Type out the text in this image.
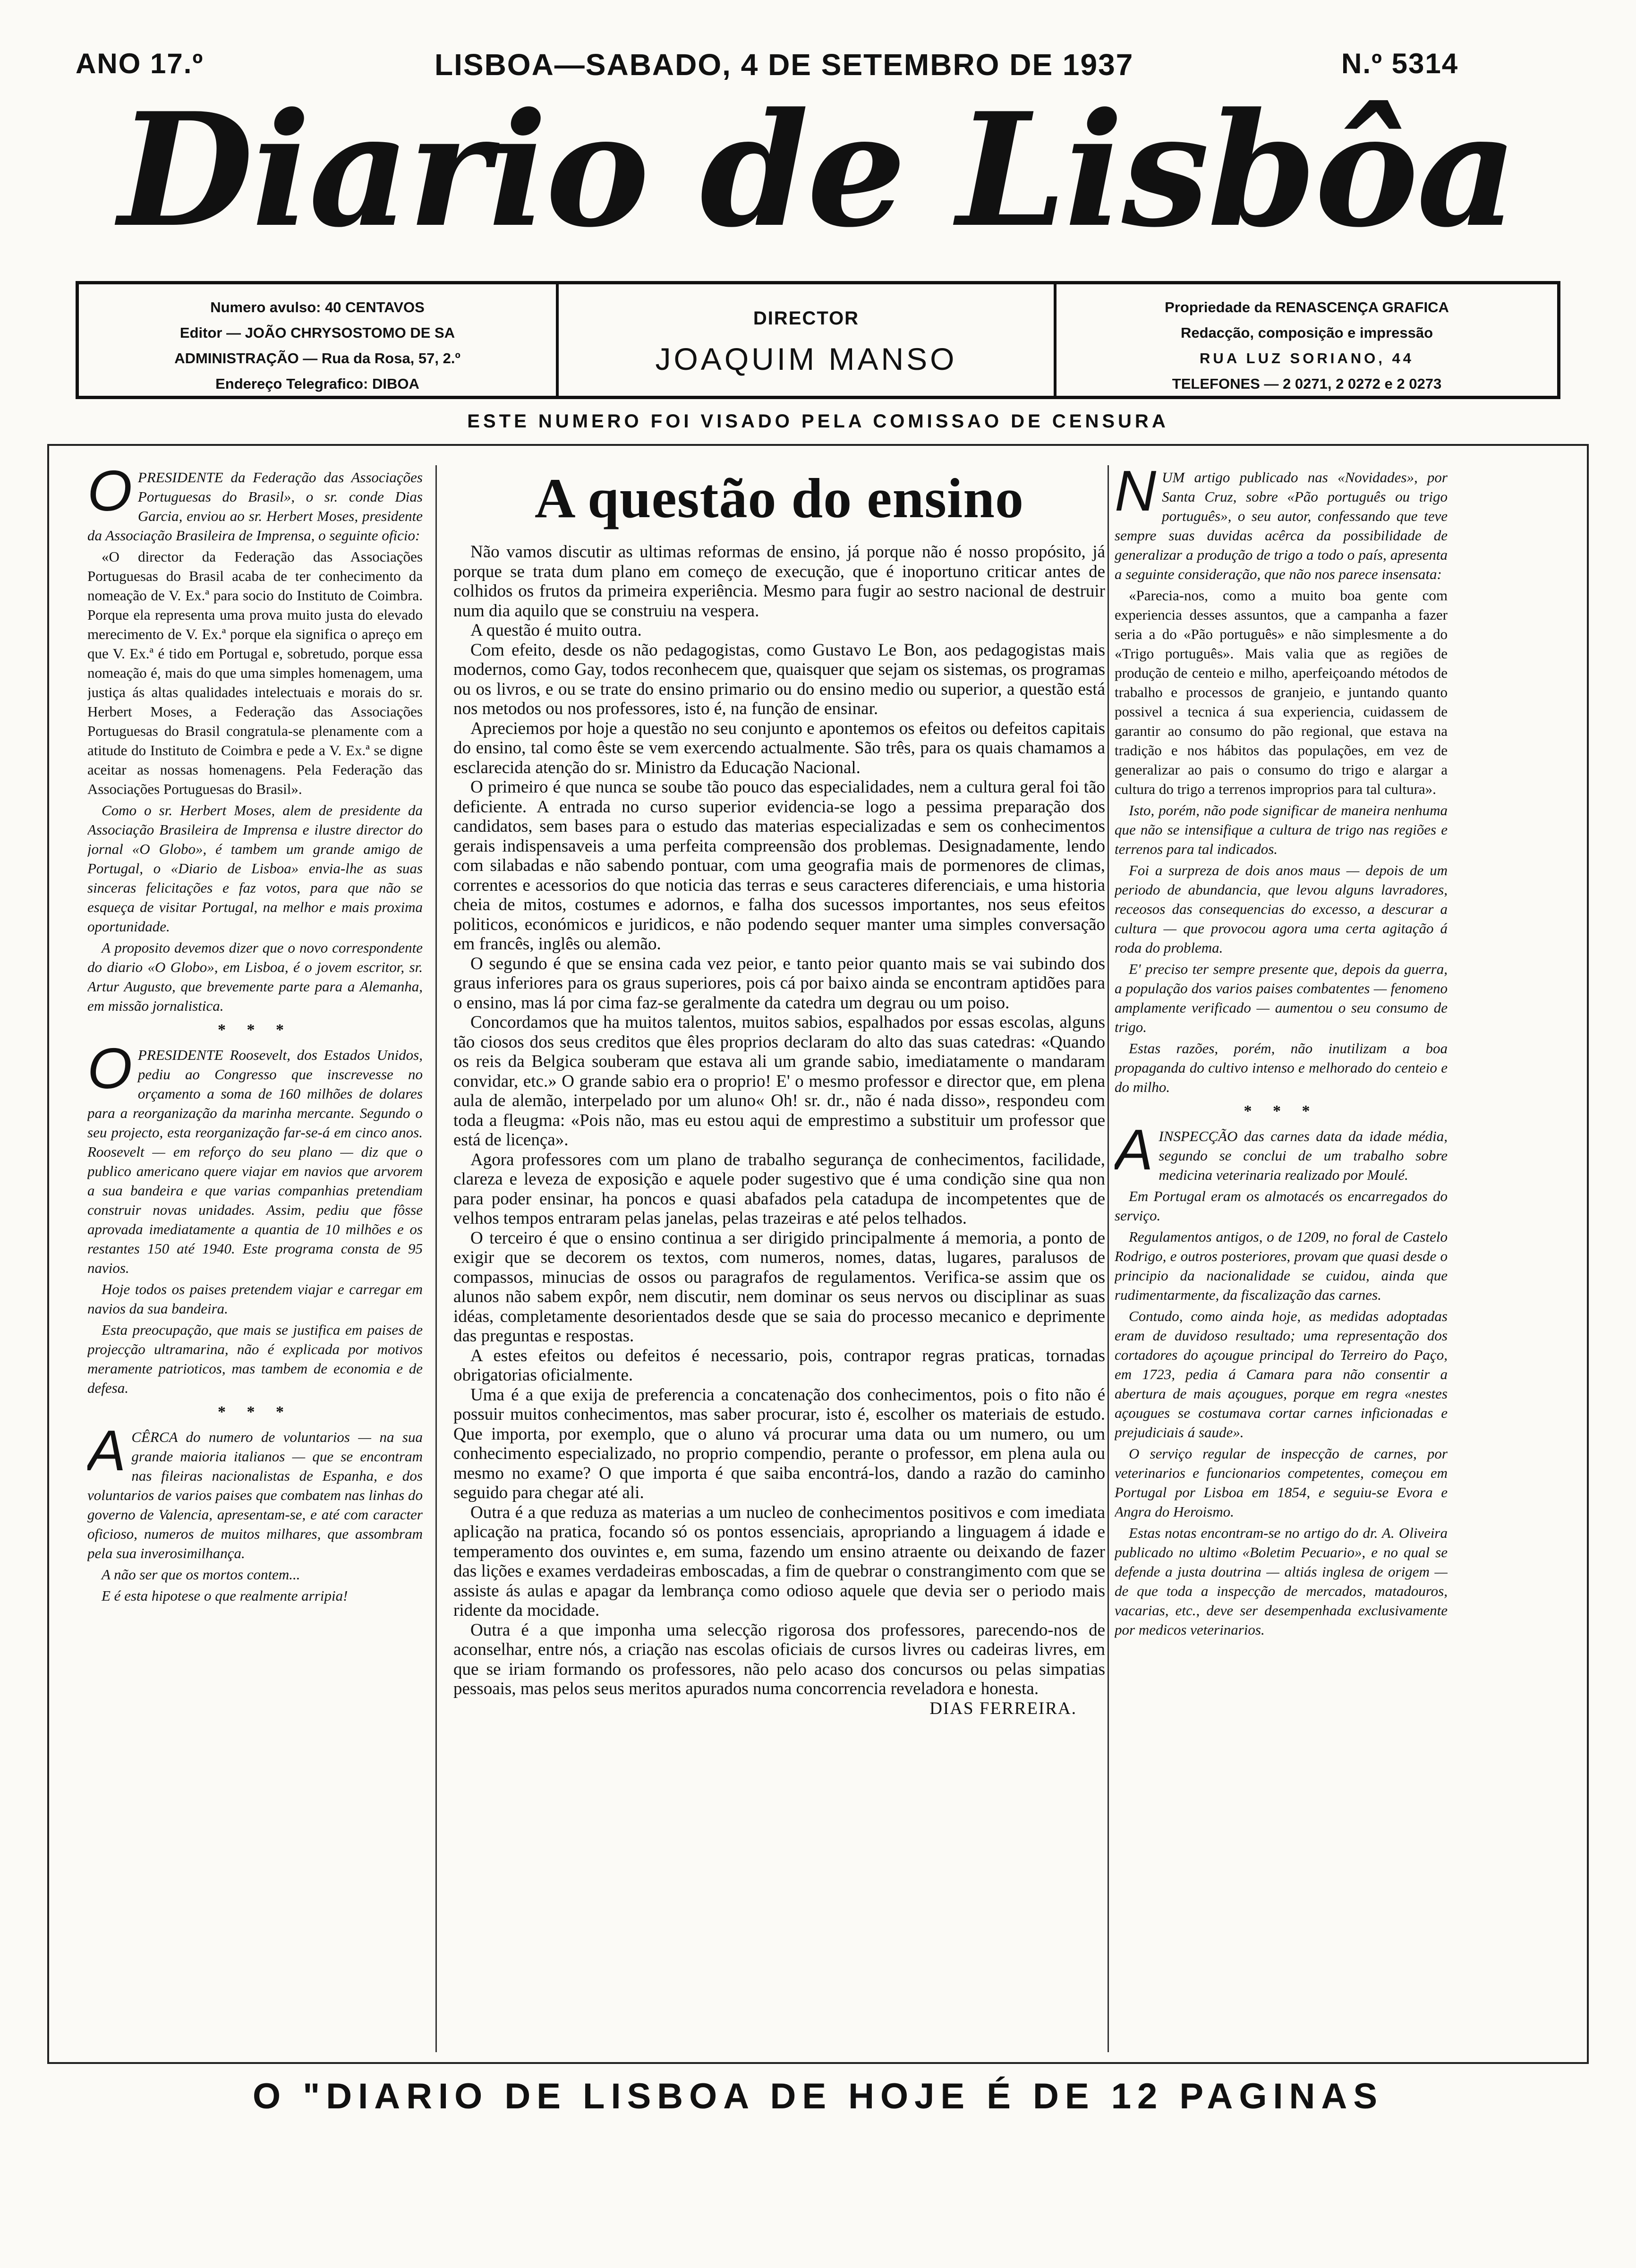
ANO 17.º	LISBOA—SABADO, 4 DE SETEMBRO DE 1937	N.º 5314
Diario de Lisbôa
Numero avulso: 40 CENTAVOS
Editor — JOÃO CHRYSOSTOMO DE SA
ADMINISTRAÇÃO — Rua da Rosa, 57, 2.º
Endereço Telegrafico: DIBOA
DIRECTOR
JOAQUIM MANSO
Propriedade da RENASCENÇA GRAFICA
Redacção, composição e impressão
RUA LUZ SORIANO, 44
TELEFONES — 2 0271, 2 0272 e 2 0273
ESTE NUMERO FOI VISADO PELA COMISSAO DE CENSURA

OPRESIDENTE da Federação das Associações Portuguesas do Brasil», o sr. conde Dias Garcia, enviou ao sr. Herbert Moses, presidente da Associação Brasileira de Imprensa, o seguinte oficio:

«O director da Federação das Associações Portuguesas do Brasil acaba de ter conhecimento da nomeação de V. Ex.ª para socio do Instituto de Coimbra. Porque ela representa uma prova muito justa do elevado merecimento de V. Ex.ª porque ela significa o apreço em que V. Ex.ª é tido em Portugal e, sobretudo, porque essa nomeação é, mais do que uma simples homenagem, uma justiça ás altas qualidades intelectuais e morais do sr. Herbert Moses, a Federação das Associações Portuguesas do Brasil congratula-se plenamente com a atitude do Instituto de Coimbra e pede a V. Ex.ª se digne aceitar as nossas homenagens. Pela Federação das Associações Portuguesas do Brasil».

Como o sr. Herbert Moses, alem de presidente da Associação Brasileira de Imprensa e ilustre director do jornal «O Globo», é tambem um grande amigo de Portugal, o «Diario de Lisboa» envia-lhe as suas sinceras felicitações e faz votos, para que não se esqueça de visitar Portugal, na melhor e mais proxima oportunidade.

A proposito devemos dizer que o novo correspondente do diario «O Globo», em Lisboa, é o jovem escritor, sr. Artur Augusto, que brevemente parte para a Alemanha, em missão jornalistica.

* * *

OPRESIDENTE Roosevelt, dos Estados Unidos, pediu ao Congresso que inscrevesse no orçamento a soma de 160 milhões de dolares para a reorganização da marinha mercante. Segundo o seu projecto, esta reorganização far-se-á em cinco anos. Roosevelt — em reforço do seu plano — diz que o publico americano quere viajar em navios que arvorem a sua bandeira e que varias companhias pretendiam construir novas unidades. Assim, pediu que fôsse aprovada imediatamente a quantia de 10 milhões e os restantes 150 até 1940. Este programa consta de 95 navios.

Hoje todos os paises pretendem viajar e carregar em navios da sua bandeira.

Esta preocupação, que mais se justifica em paises de projecção ultramarina, não é explicada por motivos meramente patrioticos, mas tambem de economia e de defesa.

* * *

ACÊRCA do numero de voluntarios — na sua grande maioria italianos — que se encontram nas fileiras nacionalistas de Espanha, e dos voluntarios de varios paises que combatem nas linhas do governo de Valencia, apresentam-se, e até com caracter oficioso, numeros de muitos milhares, que assombram pela sua inverosimilhança.

A não ser que os mortos contem...

E é esta hipotese o que realmente arripia!

A questão do ensino

Não vamos discutir as ultimas reformas de ensino, já porque não é nosso propósito, já porque se trata dum plano em começo de execução, que é inoportuno criticar antes de colhidos os frutos da primeira experiência. Mesmo para fugir ao sestro nacional de destruir num dia aquilo que se construiu na vespera.

A questão é muito outra.

Com efeito, desde os não pedagogistas, como Gustavo Le Bon, aos pedagogistas mais modernos, como Gay, todos reconhecem que, quaisquer que sejam os sistemas, os programas ou os livros, e ou se trate do ensino primario ou do ensino medio ou superior, a questão está nos metodos ou nos professores, isto é, na função de ensinar.

Apreciemos por hoje a questão no seu conjunto e apontemos os efeitos ou defeitos capitais do ensino, tal como êste se vem exercendo actualmente. São três, para os quais chamamos a esclarecida atenção do sr. Ministro da Educação Nacional.

O primeiro é que nunca se soube tão pouco das especialidades, nem a cultura geral foi tão deficiente. A entrada no curso superior evidencia-se logo a pessima preparação dos candidatos, sem bases para o estudo das materias especializadas e sem os conhecimentos gerais indispensaveis a uma perfeita compreensão dos problemas. Designadamente, lendo com silabadas e não sabendo pontuar, com uma geografia mais de pormenores de climas, correntes e acessorios do que noticia das terras e seus caracteres diferenciais, e uma historia cheia de mitos, costumes e adornos, e falha dos sucessos importantes, nos seus efeitos politicos, económicos e juridicos, e não podendo sequer manter uma simples conversação em francês, inglês ou alemão.

O segundo é que se ensina cada vez peior, e tanto peior quanto mais se vai subindo dos graus inferiores para os graus superiores, pois cá por baixo ainda se encontram aptidões para o ensino, mas lá por cima faz-se geralmente da catedra um degrau ou um poiso.

Concordamos que ha muitos talentos, muitos sabios, espalhados por essas escolas, alguns tão ciosos dos seus creditos que êles proprios declaram do alto das suas catedras: «Quando os reis da Belgica souberam que estava ali um grande sabio, imediatamente o mandaram convidar, etc.» O grande sabio era o proprio! E' o mesmo professor e director que, em plena aula de alemão, interpelado por um aluno« Oh! sr. dr., não é nada disso», respondeu com toda a fleugma: «Pois não, mas eu estou aqui de emprestimo a substituir um professor que está de licença».

Agora professores com um plano de trabalho segurança de conhecimentos, facilidade, clareza e leveza de exposição e aquele poder sugestivo que é uma condição sine qua non para poder ensinar, ha poncos e quasi abafados pela catadupa de incompetentes que de velhos tempos entraram pelas janelas, pelas trazeiras e até pelos telhados.

O terceiro é que o ensino continua a ser dirigido principalmente á memoria, a ponto de exigir que se decorem os textos, com numeros, nomes, datas, lugares, paralusos de compassos, minucias de ossos ou paragrafos de regulamentos. Verifica-se assim que os alunos não sabem expôr, nem discutir, nem dominar os seus nervos ou disciplinar as suas idéas, completamente desorientados desde que se saia do processo mecanico e deprimente das preguntas e respostas.

A estes efeitos ou defeitos é necessario, pois, contrapor regras praticas, tornadas obrigatorias oficialmente.

Uma é a que exija de preferencia a concatenação dos conhecimentos, pois o fito não é possuir muitos conhecimentos, mas saber procurar, isto é, escolher os materiais de estudo. Que importa, por exemplo, que o aluno vá procurar uma data ou um numero, ou um conhecimento especializado, no proprio compendio, perante o professor, em plena aula ou mesmo no exame? O que importa é que saiba encontrá-los, dando a razão do caminho seguido para chegar até ali.

Outra é a que reduza as materias a um nucleo de conhecimentos positivos e com imediata aplicação na pratica, focando só os pontos essenciais, apropriando a linguagem á idade e temperamento dos ouvintes e, em suma, fazendo um ensino atraente ou deixando de fazer das lições e exames verdadeiras emboscadas, a fim de quebrar o constrangimento com que se assiste ás aulas e apagar da lembrança como odioso aquele que devia ser o periodo mais ridente da mocidade.

Outra é a que imponha uma selecção rigorosa dos professores, parecendo-nos de aconselhar, entre nós, a criação nas escolas oficiais de cursos livres ou cadeiras livres, em que se iriam formando os professores, não pelo acaso dos concursos ou pelas simpatias pessoais, mas pelos seus meritos apurados numa concorrencia reveladora e honesta.

DIAS FERREIRA.

NUM artigo publicado nas «Novidades», por Santa Cruz, sobre «Pão português ou trigo português», o seu autor, confessando que teve sempre suas duvidas acêrca da possibilidade de generalizar a produção de trigo a todo o país, apresenta a seguinte consideração, que não nos parece insensata:

«Parecia-nos, como a muito boa gente com experiencia desses assuntos, que a campanha a fazer seria a do «Pão português» e não simplesmente a do «Trigo português». Mais valia que as regiões de produção de centeio e milho, aperfeiçoando métodos de trabalho e processos de granjeio, e juntando quanto possivel a tecnica á sua experiencia, cuidassem de garantir ao consumo do pão regional, que estava na tradição e nos hábitos das populações, em vez de generalizar ao pais o consumo do trigo e alargar a cultura do trigo a terrenos improprios para tal cultura».

Isto, porém, não pode significar de maneira nenhuma que não se intensifique a cultura de trigo nas regiões e terrenos para tal indicados.

Foi a surpreza de dois anos maus — depois de um periodo de abundancia, que levou alguns lavradores, receosos das consequencias do excesso, a descurar a cultura — que provocou agora uma certa agitação á roda do problema.

E' preciso ter sempre presente que, depois da guerra, a população dos varios paises combatentes — fenomeno amplamente verificado — aumentou o seu consumo de trigo.

Estas razões, porém, não inutilizam a boa propaganda do cultivo intenso e melhorado do centeio e do milho.

* * *

AINSPECÇÃO das carnes data da idade média, segundo se conclui de um trabalho sobre medicina veterinaria realizado por Moulé.

Em Portugal eram os almotacés os encarregados do serviço.

Regulamentos antigos, o de 1209, no foral de Castelo Rodrigo, e outros posteriores, provam que quasi desde o principio da nacionalidade se cuidou, ainda que rudimentarmente, da fiscalização das carnes.

Contudo, como ainda hoje, as medidas adoptadas eram de duvidoso resultado; uma representação dos cortadores do açougue principal do Terreiro do Paço, em 1723, pedia á Camara para não consentir a abertura de mais açougues, porque em regra «nestes açougues se costumava cortar carnes inficionadas e prejudiciais á saude».

O serviço regular de inspecção de carnes, por veterinarios e funcionarios competentes, começou em Portugal por Lisboa em 1854, e seguiu-se Evora e Angra do Heroismo.

Estas notas encontram-se no artigo do dr. A. Oliveira publicado no ultimo «Boletim Pecuario», e no qual se defende a justa doutrina — altiás inglesa de origem — de que toda a inspecção de mercados, matadouros, vacarias, etc., deve ser desempenhada exclusivamente por medicos veterinarios.

O "DIARIO DE LISBOA DE HOJE É DE 12 PAGINAS
